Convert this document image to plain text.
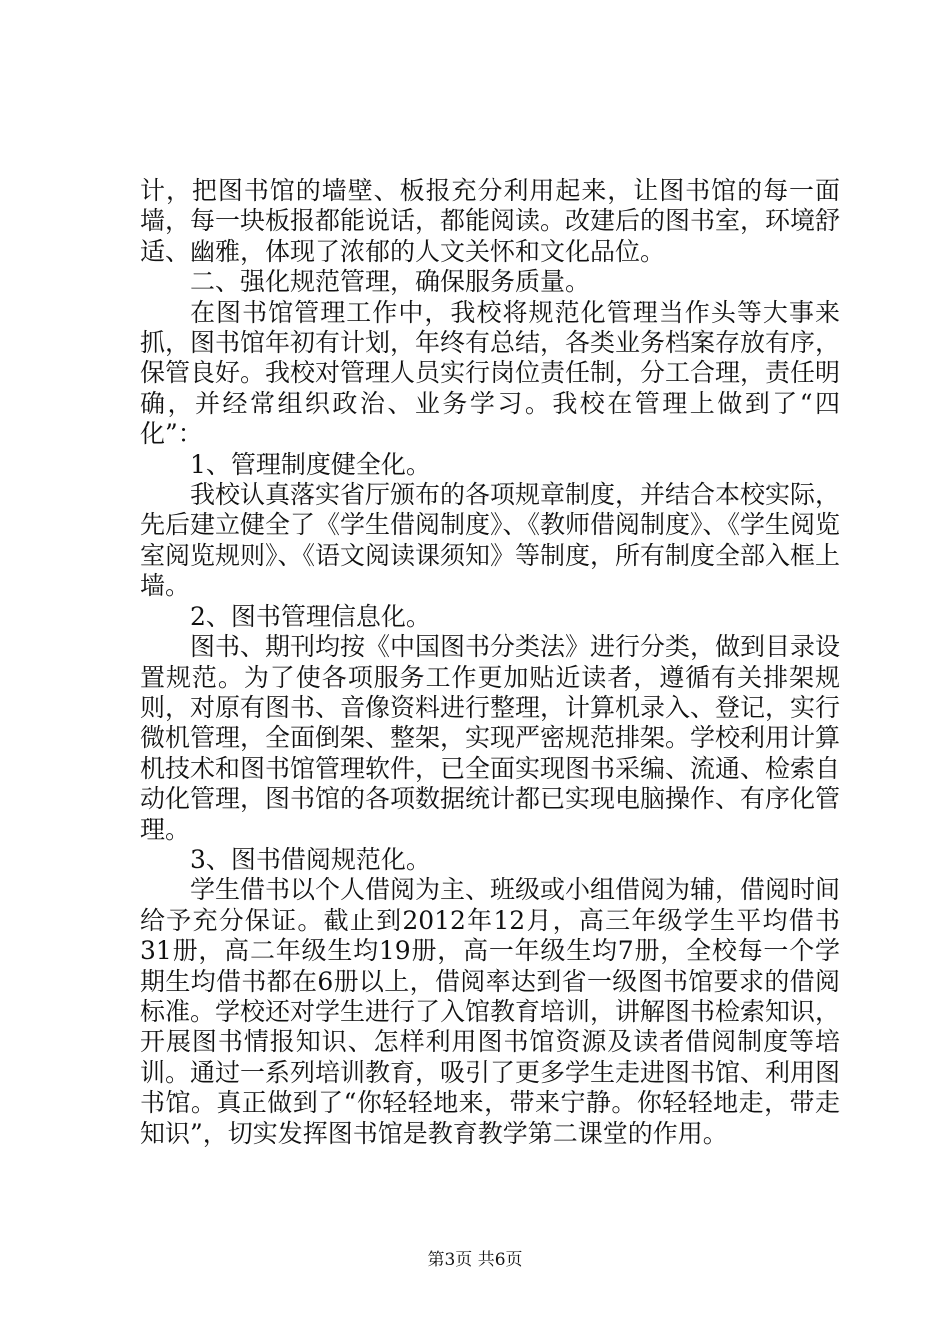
计，把图书馆的墙壁、板报充分利用起来，让图书馆的每一面墙，每一块板报都能说话，都能阅读。改建后的图书室，环境舒适、幽雅，体现了浓郁的人文关怀和文化品位。

二、强化规范管理，确保服务质量。

在图书馆管理工作中，我校将规范化管理当作头等大事来抓，图书馆年初有计划，年终有总结，各类业务档案存放有序，保管良好。我校对管理人员实行岗位责任制，分工合理，责任明确，并经常组织政治、业务学习。我校在管理上做到了“四化”：

1、管理制度健全化。

我校认真落实省厅颁布的各项规章制度，并结合本校实际，先后建立健全了《学生借阅制度》、《教师借阅制度》、《学生阅览室阅览规则》、《语文阅读课须知》等制度，所有制度全部入框上墙。

2、图书管理信息化。

图书、期刊均按《中国图书分类法》进行分类，做到目录设置规范。为了使各项服务工作更加贴近读者，遵循有关排架规则，对原有图书、音像资料进行整理，计算机录入、登记，实行微机管理，全面倒架、整架，实现严密规范排架。学校利用计算机技术和图书馆管理软件，已全面实现图书采编、流通、检索自动化管理，图书馆的各项数据统计都已实现电脑操作、有序化管理。

3、图书借阅规范化。

学生借书以个人借阅为主、班级或小组借阅为辅，借阅时间给予充分保证。截止到2012年12月，高三年级学生平均借书31册，高二年级生均19册，高一年级生均7册，全校每一个学期生均借书都在6册以上，借阅率达到省一级图书馆要求的借阅标准。学校还对学生进行了入馆教育培训，讲解图书检索知识，开展图书情报知识、怎样利用图书馆资源及读者借阅制度等培训。通过一系列培训教育，吸引了更多学生走进图书馆、利用图书馆。真正做到了“你轻轻地来，带来宁静。你轻轻地走，带走知识”，切实发挥图书馆是教育教学第二课堂的作用。

第3页 共6页
